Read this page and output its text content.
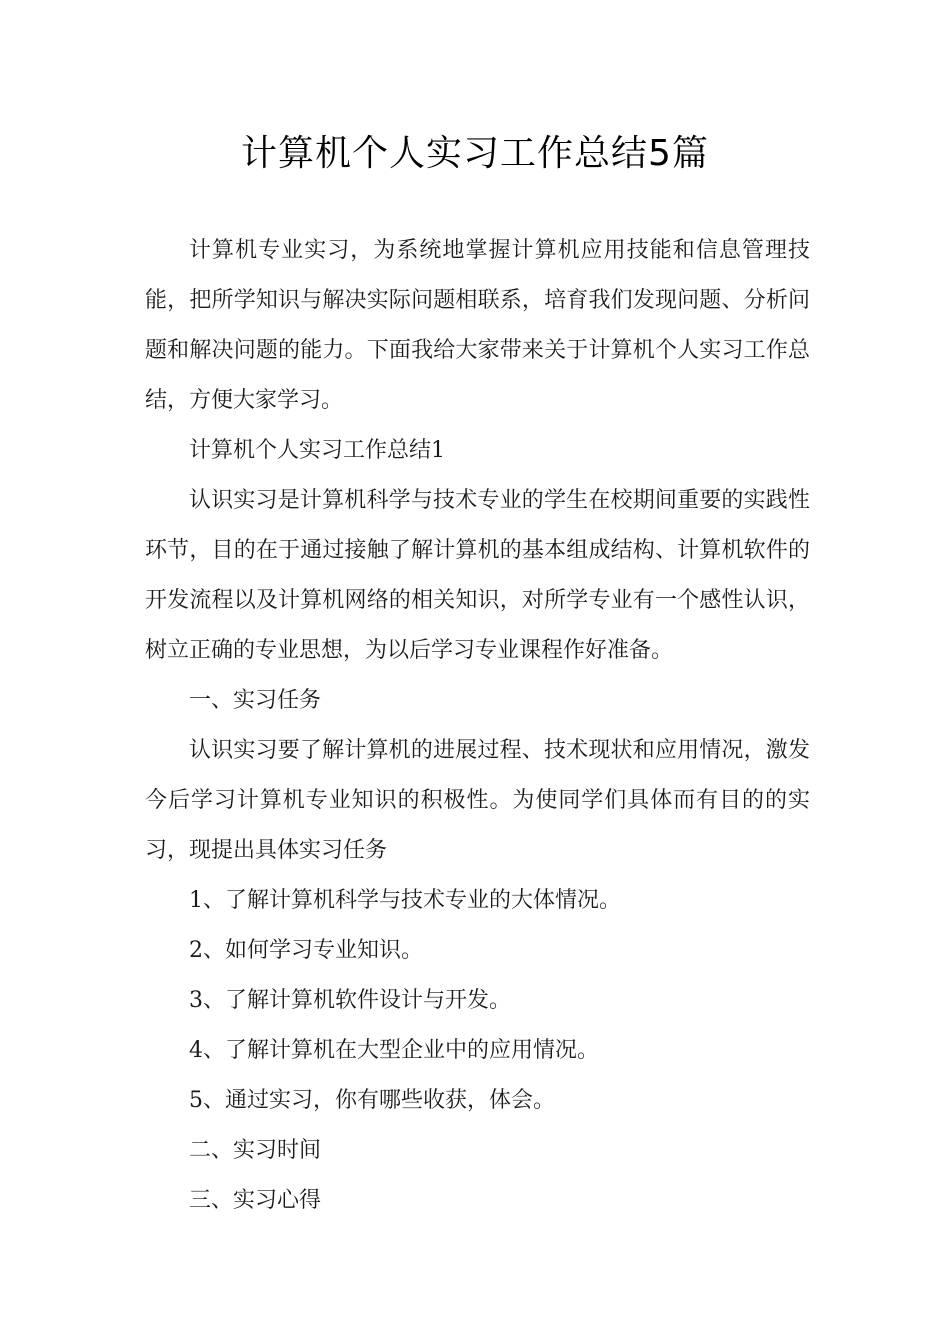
计算机个人实习工作总结5篇

计算机专业实习，为系统地掌握计算机应用技能和信息管理技能，把所学知识与解决实际问题相联系，培育我们发现问题、分析问题和解决问题的能力。下面我给大家带来关于计算机个人实习工作总结，方便大家学习。

计算机个人实习工作总结1

认识实习是计算机科学与技术专业的学生在校期间重要的实践性环节，目的在于通过接触了解计算机的基本组成结构、计算机软件的开发流程以及计算机网络的相关知识，对所学专业有一个感性认识，树立正确的专业思想，为以后学习专业课程作好准备。

一、实习任务

认识实习要了解计算机的进展过程、技术现状和应用情况，激发今后学习计算机专业知识的积极性。为使同学们具体而有目的的实习，现提出具体实习任务

1、了解计算机科学与技术专业的大体情况。

2、如何学习专业知识。

3、了解计算机软件设计与开发。

4、了解计算机在大型企业中的应用情况。

5、通过实习，你有哪些收获，体会。

二、实习时间

三、实习心得
